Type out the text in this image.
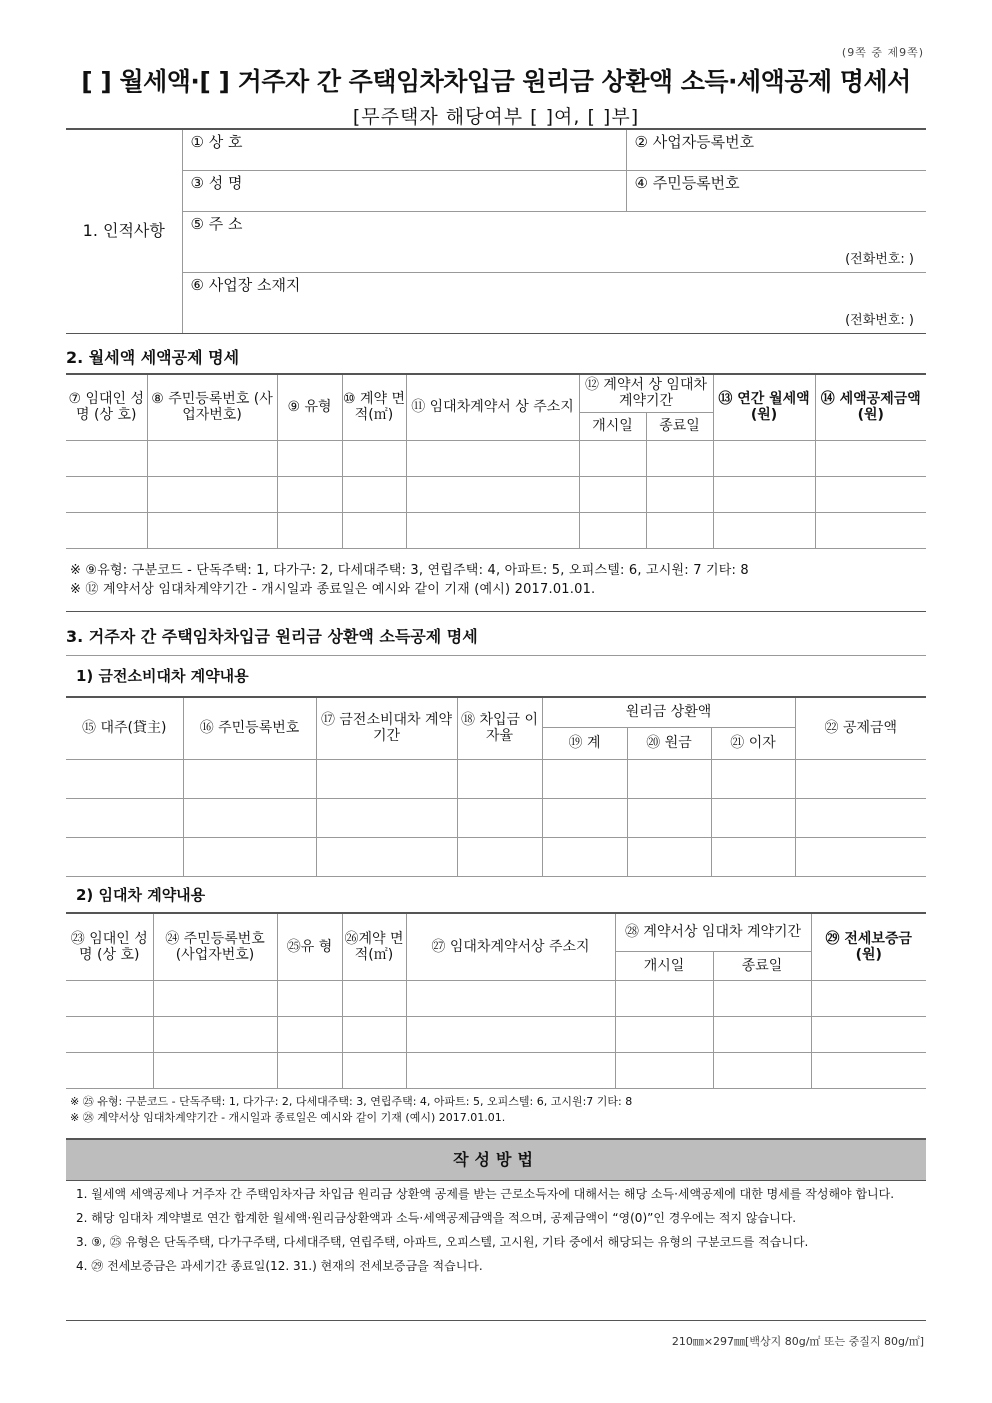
(9쪽 중 제9쪽)
[ ] 월세액·[ ] 거주자 간 주택임차차입금 원리금 상환액 소득·세액공제 명세서
[무주택자 해당여부 [ ]여, [ ]부]
1. 인적사항	① 상 호	② 사업자등록번호
	③ 성 명	④ 주민등록번호
	⑤ 주 소
(전화번호: )	

	⑥ 사업장 소재지
(전화번호: )	
2. 월세액 세액공제 명세
⑦ 임대인 성 명 (상 호)	⑧ 주민등록번호 (사업자번호)	⑨ 유형	⑩ 계약 면적(㎡)	⑪ 임대차계약서 상 주소지	⑫ 계약서 상 임대차 계약기간		⑬ 연간 월세액(원)	⑭ 세액공제금액 (원)
					개시일	종료일		

※ ⑨유형: 구분코드 - 단독주택: 1, 다가구: 2, 다세대주택: 3, 연립주택: 4, 아파트: 5, 오피스텔: 6, 고시원: 7 기타: 8
※ ⑫ 계약서상 임대차계약기간 - 개시일과 종료일은 예시와 같이 기재 (예시) 2017.01.01.
3. 거주자 간 주택임차차입금 원리금 상환액 소득공제 명세
1) 금전소비대차 계약내용
⑮ 대주(貸主)	⑯ 주민등록번호	⑰ 금전소비대차 계약기간	⑱ 차입금 이자율	원리금 상환액			㉒ 공제금액
				⑲ 계	⑳ 원금	㉑ 이자	

2) 임대차 계약내용
㉓ 임대인 성 명 (상 호)	㉔ 주민등록번호 (사업자번호)	㉕유 형	㉖계약 면적(㎡)	㉗ 임대차계약서상 주소지	㉘ 계약서상 임대차 계약기간		㉙ 전세보증금 (원)
					개시일	종료일	

※ ㉕ 유형: 구분코드 - 단독주택: 1, 다가구: 2, 다세대주택: 3, 연립주택: 4, 아파트: 5, 오피스텔: 6, 고시원:7 기타: 8
※ ㉘ 계약서상 임대차계약기간 - 개시일과 종료일은 예시와 같이 기재 (예시) 2017.01.01.
작성방법
1. 월세액 세액공제나 거주자 간 주택임차자금 차입금 원리금 상환액 공제를 받는 근로소득자에 대해서는 해당 소득·세액공제에 대한 명세를 작성해야 합니다.
2. 해당 임대차 계약별로 연간 합계한 월세액·원리금상환액과 소득·세액공제금액을 적으며, 공제금액이 “영(0)”인 경우에는 적지 않습니다.
3. ⑨, ㉕ 유형은 단독주택, 다가구주택, 다세대주택, 연립주택, 아파트, 오피스텔, 고시원, 기타 중에서 해당되는 유형의 구분코드를 적습니다.
4. ㉙ 전세보증금은 과세기간 종료일(12. 31.) 현재의 전세보증금을 적습니다.
210㎜×297㎜[백상지 80g/㎡ 또는 중질지 80g/㎡]
